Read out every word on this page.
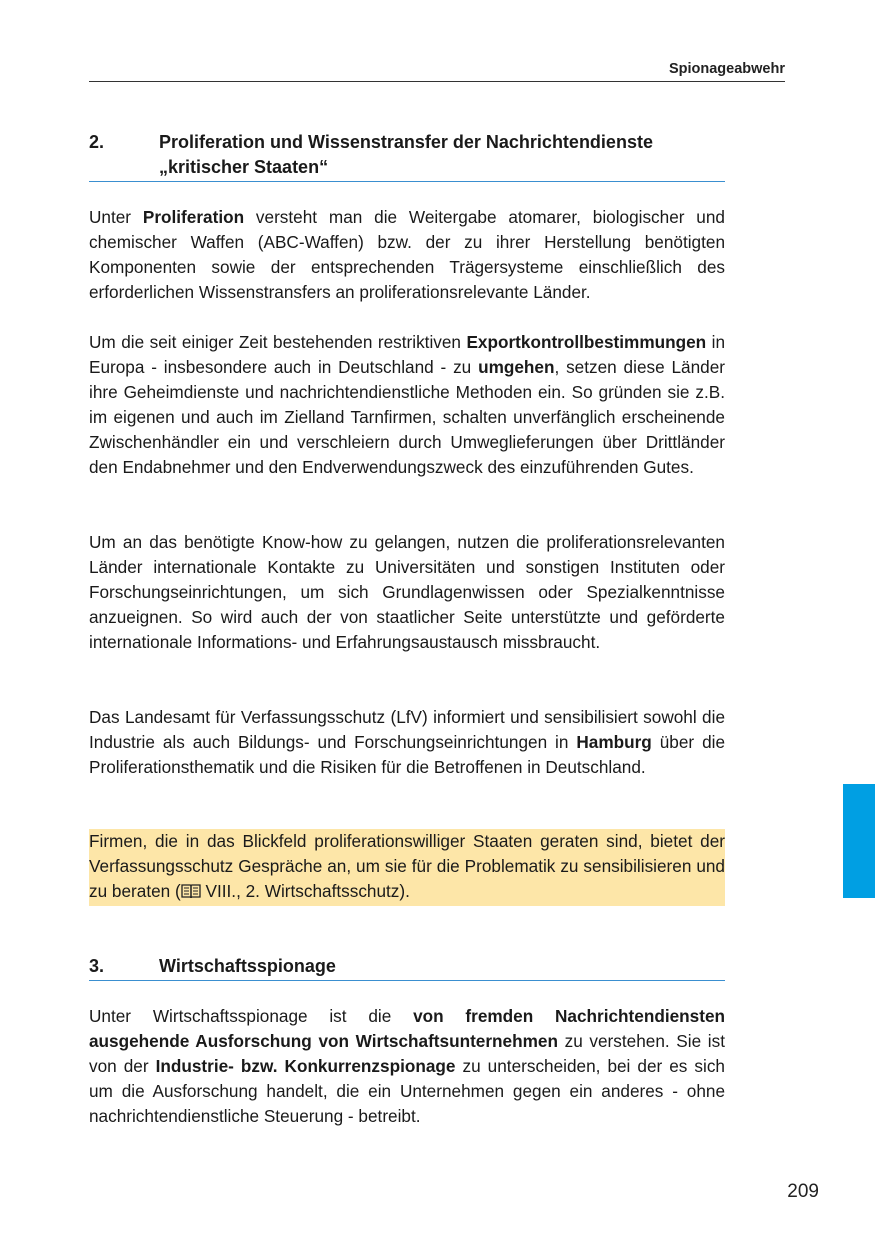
Spionageabwehr
2.	Proliferation und Wissenstransfer der Nachrichtendienste „kritischer Staaten“

Unter Proliferation versteht man die Weitergabe atomarer, biologischer und chemischer Waffen (ABC-Waffen) bzw. der zu ihrer Herstellung benötigten Komponenten sowie der entsprechenden Trägersysteme einschließlich des erforderlichen Wissenstransfers an proliferationsrelevante Länder.

Um die seit einiger Zeit bestehenden restriktiven Exportkontrollbestimmungen in Europa - insbesondere auch in Deutschland - zu umgehen, setzen diese Länder ihre Geheimdienste und nachrichtendienstliche Methoden ein. So gründen sie z.B. im eigenen und auch im Zielland Tarnfirmen, schalten unverfänglich erscheinende Zwischenhändler ein und verschleiern durch Umweglieferungen über Drittländer den Endabnehmer und den Endverwendungszweck des einzuführenden Gutes.

Um an das benötigte Know-how zu gelangen, nutzen die proliferationsrelevanten Länder internationale Kontakte zu Universitäten und sonstigen Instituten oder Forschungseinrichtungen, um sich Grundlagenwissen oder Spezialkenntnisse anzueignen. So wird auch der von staatlicher Seite unterstützte und geförderte internationale Informations- und Erfahrungsaustausch missbraucht.

Das Landesamt für Verfassungsschutz (LfV) informiert und sensibilisiert sowohl die Industrie als auch Bildungs- und Forschungseinrichtungen in Hamburg über die Proliferationsthematik und die Risiken für die Betroffenen in Deutschland.

Firmen, die in das Blickfeld proliferationswilliger Staaten geraten sind, bietet der Verfassungsschutz Gespräche an, um sie für die Problematik zu sensibilisieren und zu beraten ( VIII., 2. Wirtschaftsschutz).
3.	Wirtschaftsspionage

Unter Wirtschaftsspionage ist die von fremden Nachrichtendiensten ausgehende Ausforschung von Wirtschaftsunternehmen zu verstehen. Sie ist von der Industrie- bzw. Konkurrenzspionage zu unterscheiden, bei der es sich um die Ausforschung handelt, die ein Unternehmen gegen ein anderes - ohne nachrichtendienstliche Steuerung - betreibt.

209
